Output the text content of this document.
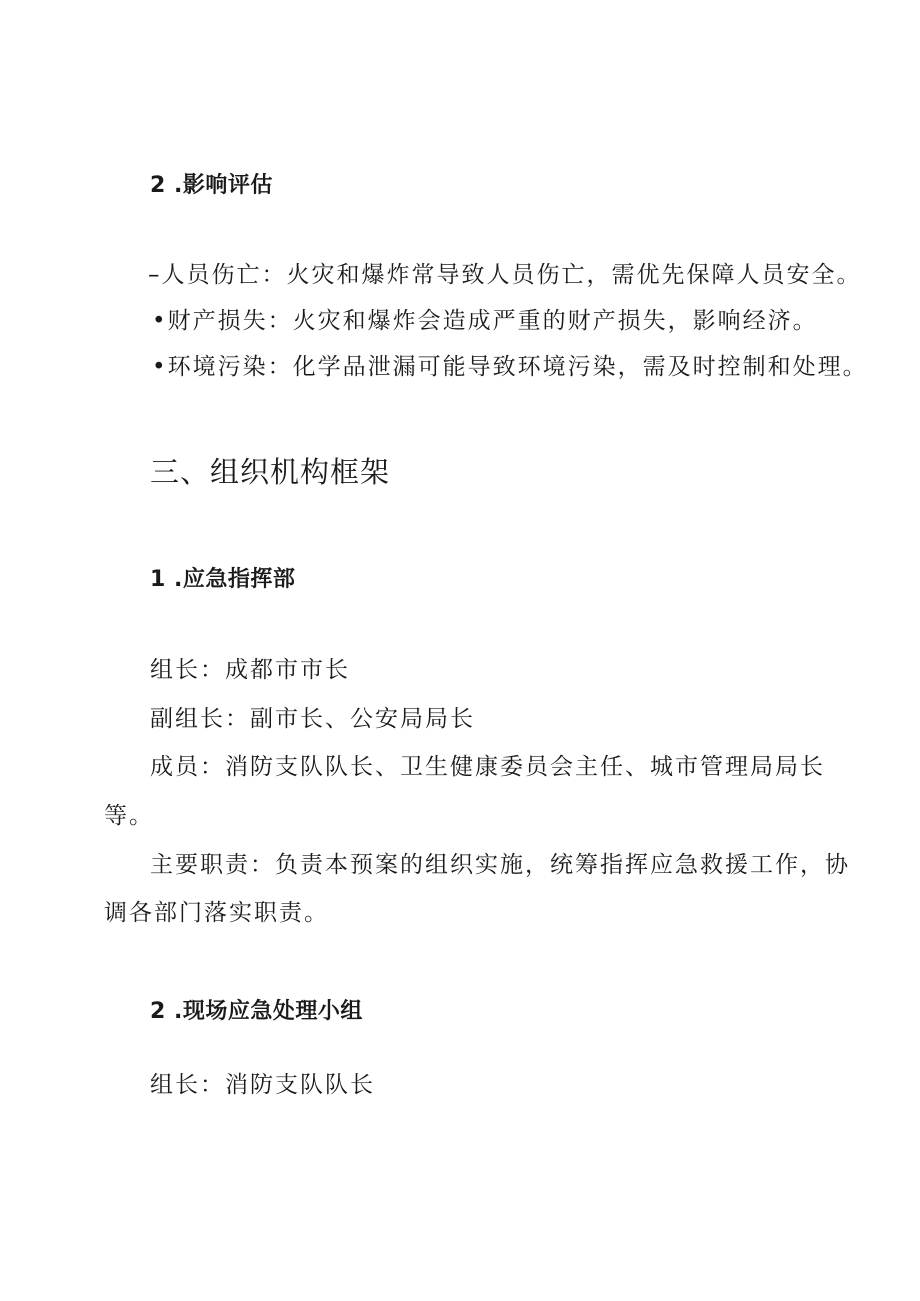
2 .影响评估
–人员伤亡：火灾和爆炸常导致人员伤亡，需优先保障人员安全。
•财产损失：火灾和爆炸会造成严重的财产损失，影响经济。
•环境污染：化学品泄漏可能导致环境污染，需及时控制和处理。
三、组织机构框架
1 .应急指挥部
组长：成都市市长
副组长：副市长、公安局局长
成员：消防支队队长、卫生健康委员会主任、城市管理局局长
等。
主要职责：负责本预案的组织实施，统筹指挥应急救援工作，协
调各部门落实职责。
2 .现场应急处理小组
组长：消防支队队长
